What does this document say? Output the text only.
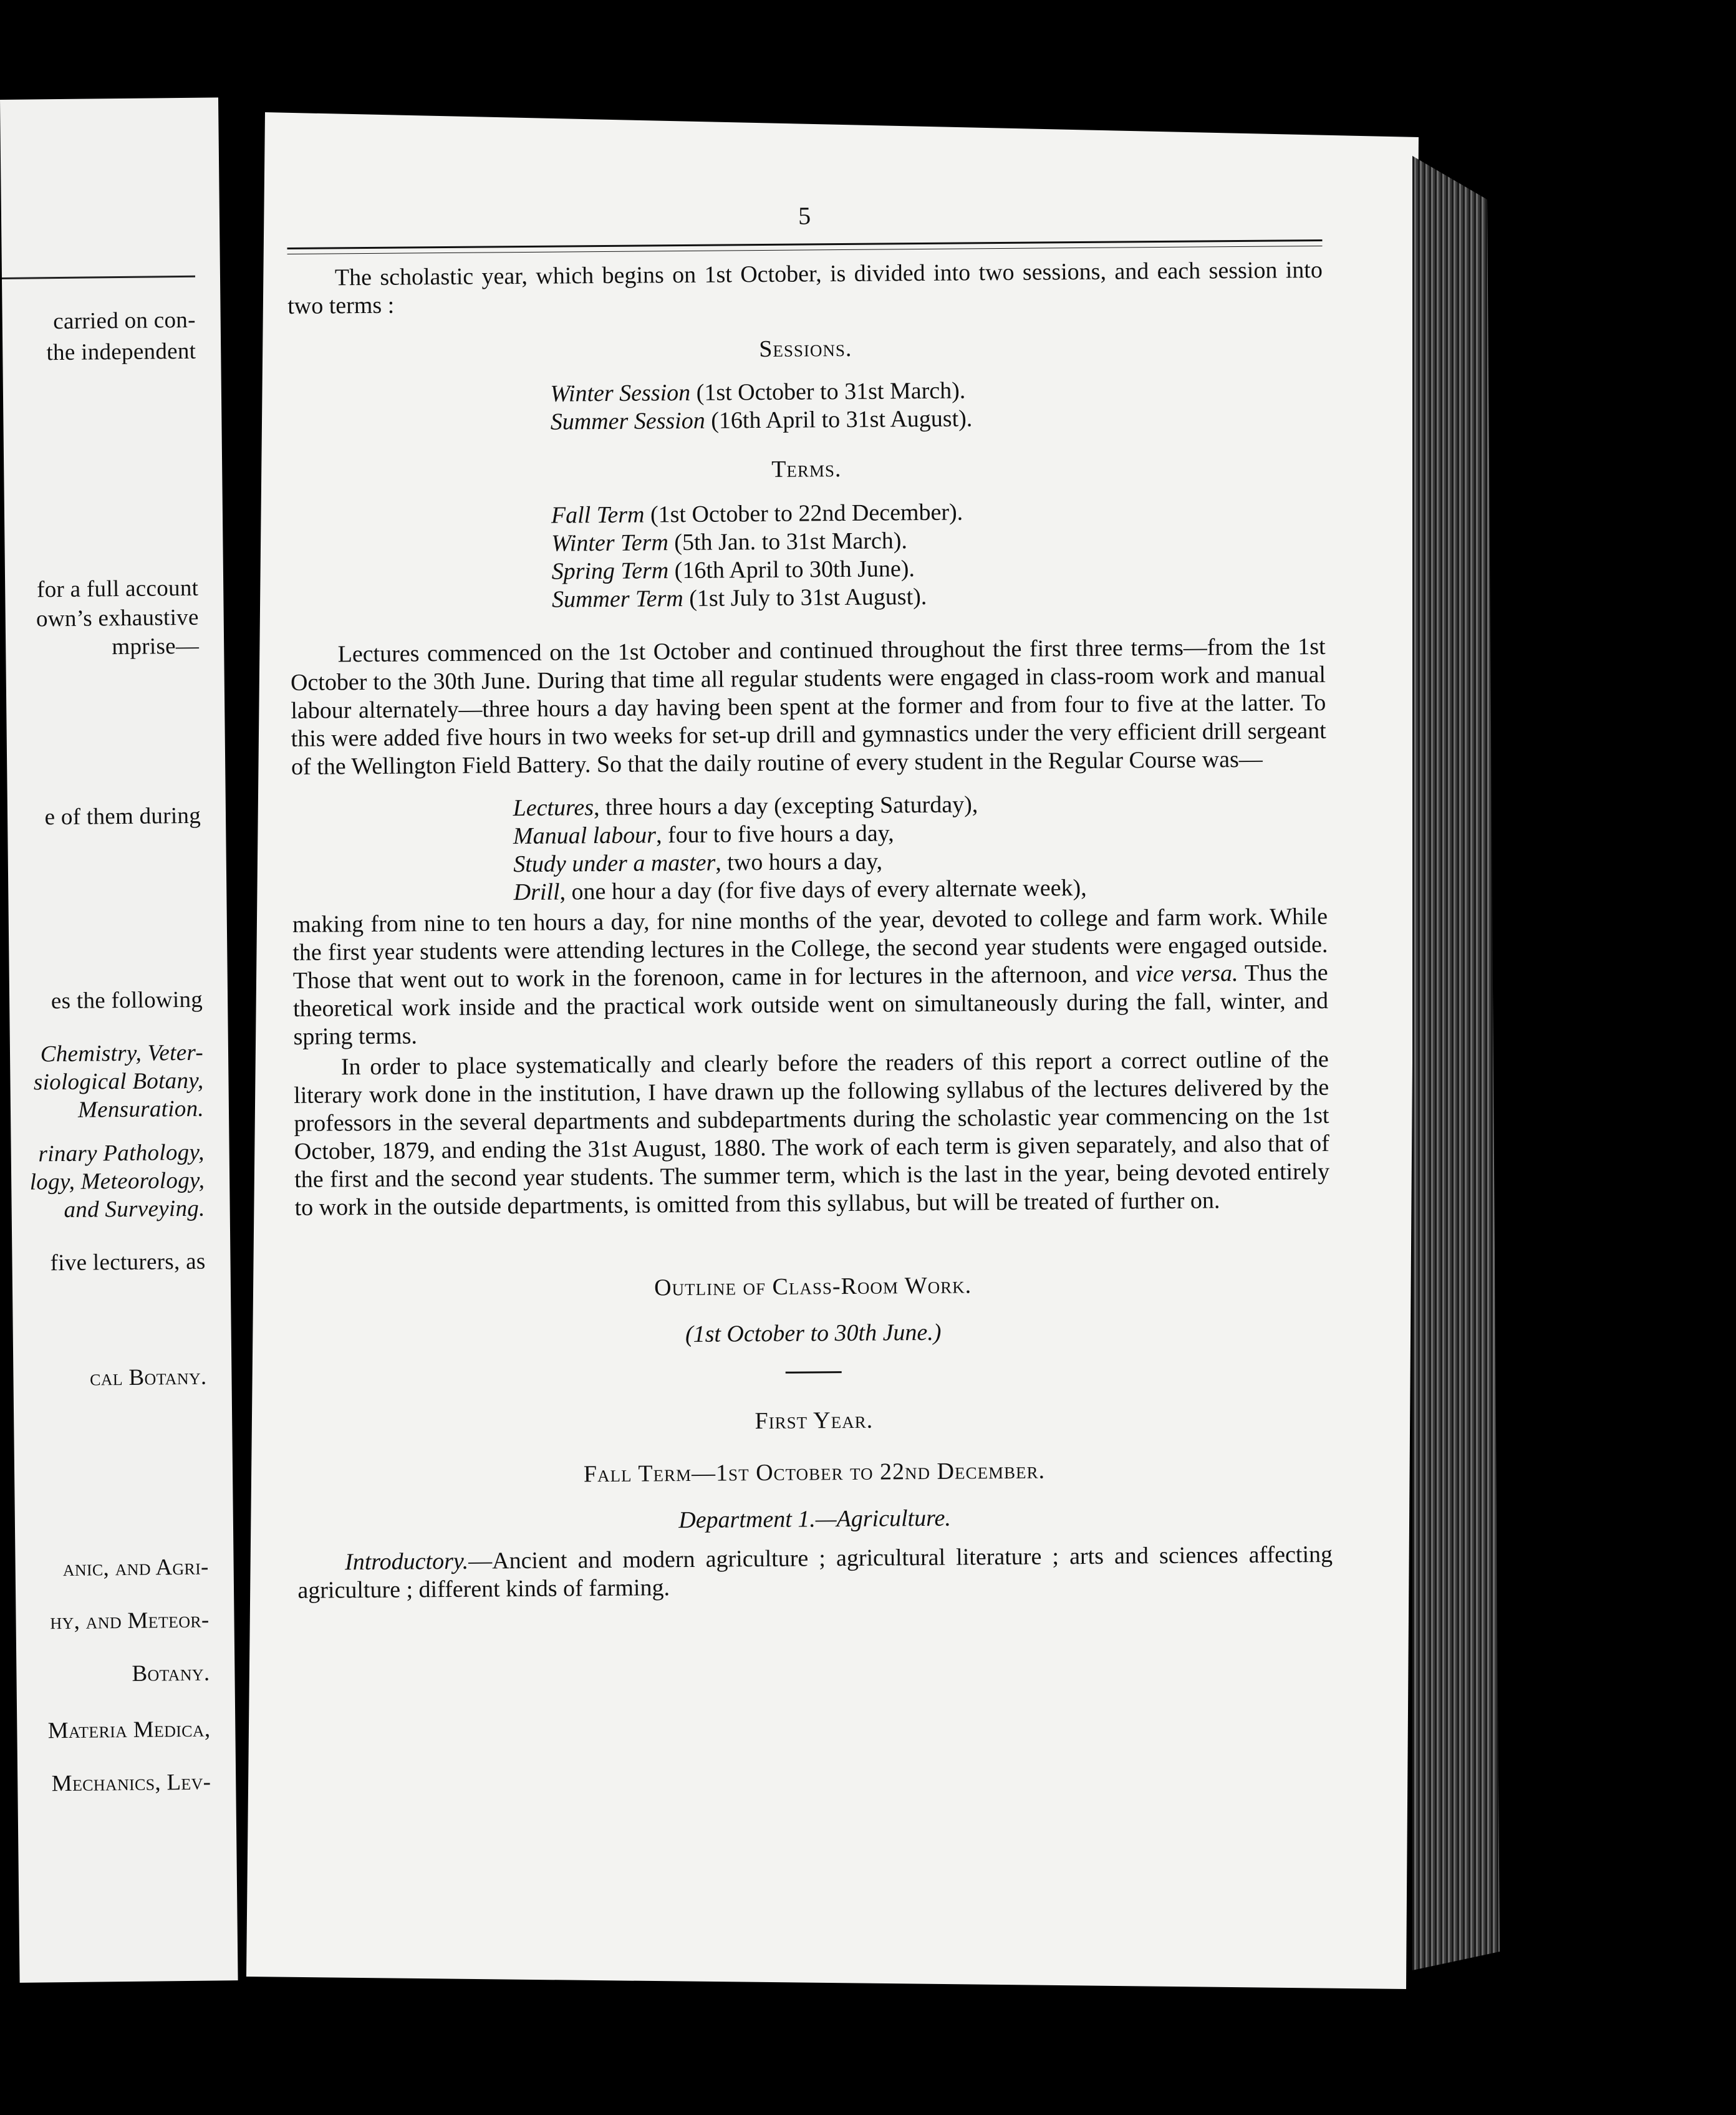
carried on con-
the independent
for a full account
own’s exhaustive
mprise—
e of them during
es the following
Chemistry, Veter-
siological Botany,
Mensuration.
rinary Pathology,
logy, Meteorology,
and Surveying.
five lecturers, as
cal Botany.
anic, and Agri-
hy, and Meteor-
Botany.
Materia Medica,
Mechanics, Lev-
5

The scholastic year, which begins on 1st October, is divided into two sessions, and each session into two terms :

Sessions.

Winter Session (1st October to 31st March).

Summer Session (16th April to 31st August).

Terms.

Fall Term (1st October to 22nd December).

Winter Term (5th Jan. to 31st March).

Spring Term (16th April to 30th June).

Summer Term (1st July to 31st August).

Lectures commenced on the 1st October and continued throughout the first three terms—from the 1st October to the 30th June. During that time all regular students were engaged in class-room work and manual labour alternately—three hours a day having been spent at the former and from four to five at the latter. To this were added five hours in two weeks for set-up drill and gymnastics under the very efficient drill sergeant of the Wellington Field Battery. So that the daily routine of every student in the Regular Course was—

Lectures, three hours a day (excepting Saturday),

Manual labour, four to five hours a day,

Study under a master, two hours a day,

Drill, one hour a day (for five days of every alternate week),

making from nine to ten hours a day, for nine months of the year, devoted to college and farm work. While the first year students were attending lectures in the College, the second year students were engaged outside. Those that went out to work in the forenoon, came in for lectures in the afternoon, and vice versa. Thus the theoretical work inside and the practical work outside went on simultaneously during the fall, winter, and spring terms.

In order to place systematically and clearly before the readers of this report a correct outline of the literary work done in the institution, I have drawn up the following syllabus of the lectures delivered by the professors in the several departments and subdepartments during the scholastic year commencing on the 1st October, 1879, and ending the 31st August, 1880. The work of each term is given separately, and also that of the first and the second year students. The summer term, which is the last in the year, being devoted entirely to work in the outside departments, is omitted from this syllabus, but will be treated of further on.

Outline of Class-Room Work.
(1st October to 30th June.)
First Year.
Fall Term—1st October to 22nd December.
Department 1.—Agriculture.

Introductory.—Ancient and modern agriculture ; agricultural literature ; arts and sciences affecting agriculture ; different kinds of farming.
